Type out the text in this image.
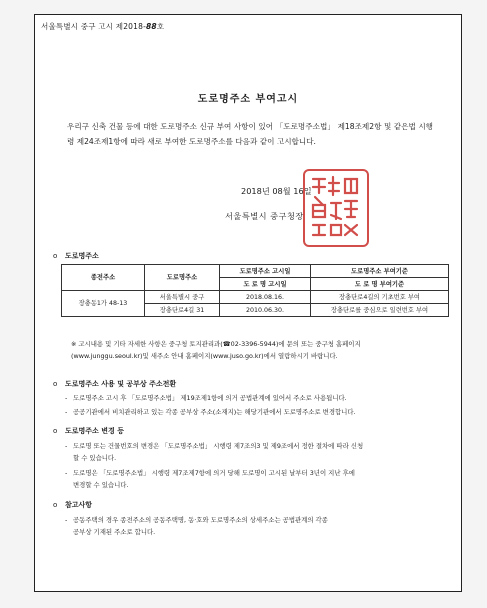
서울특별시 중구 고시 제2018-88호
도로명주소 부여고시
우리구 신축 건물 등에 대한 도로명주소 신규 부여 사항이 있어 「도로명주소법」 제18조제2항 및 같은법 시행령 제24조제1항에 따라 새로 부여한 도로명주소를 다음과 같이 고시합니다.
2018년 08월 16일
서울특별시 중구청장
o 도로명주소
종전주소	도로명주소	도로명주소 고시일	도로명주소 부여기준
		도 로 명 고시일	도 로 명 부여기준
장충동1가 48-13	서울특별시 중구	2018.08.16.	장충단로4길의 기초번호 부여
	장충단로4길 31	2010.06.30.	장충단로를 중심으로 일련번호 부여
※ 고시내용 및 기타 자세한 사항은 중구청 토지관리과(☎02-3396-5944)에 문의 또는 중구청 홈페이지(www.junggu.seoul.kr)및 새주소 안내 홈페이지(www.juso.go.kr)에서 열람하시기 바랍니다.
o 도로명주소 사용 및 공부상 주소전환
- 도로명주소 고시 후 「도로명주소법」 제19조제1항에 의거 공법관계에 있어서 주소로 사용됩니다.
- 공공기관에서 비치관리하고 있는 각종 공부상 주소(소재지)는 해당기관에서 도로명주소로 변경합니다.
o 도로명주소 변경 등
- 도로명 또는 건물번호의 변경은 「도로명주소법」 시행령 제7조의3 및 제9조에서 정한 절차에 따라 신청
할 수 있습니다.
- 도로명은 「도로명주소법」 시행령 제7조제7항에 의거 당해 도로명이 고시된 날부터 3년이 지난 후에
변경할 수 있습니다.
o 참고사항
- 공동주택의 경우 종전주소의 공동주택명, 동·호와 도로명주소의 상세주소는 공법관계의 각종
공부상 기재된 주소로 합니다.
